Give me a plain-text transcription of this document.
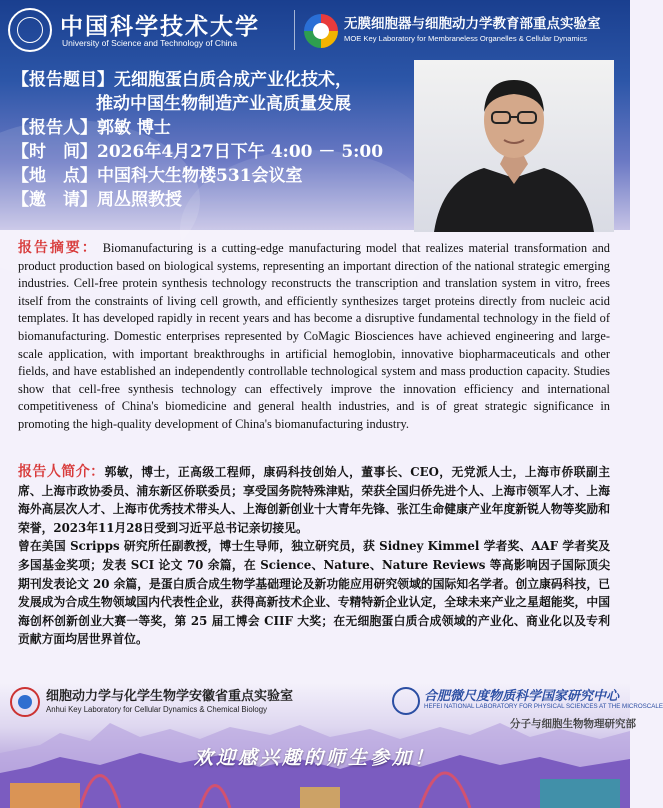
中国科学技术大学
University of Science and Technology of China
无膜细胞器与细胞动力学教育部重点实验室
MOE Key Laboratory for Membraneless Organelles & Cellular Dynamics
【报告题目】无细胞蛋白质合成产业化技术，
推动中国生物制造产业高质量发展
【报告人】郭敏 博士
【时　间】2026年4月27日下午 4:00 － 5:00
【地　点】中国科大生物楼531会议室
【邀　请】周丛照教授
报告摘要： Biomanufacturing is a cutting-edge manufacturing model that realizes material transformation and product production based on biological systems, representing an important direction of the national strategic emerging industries. Cell-free protein synthesis technology reconstructs the transcription and translation system in vitro, frees itself from the constraints of living cell growth, and efficiently synthesizes target proteins directly from nucleic acid templates. It has developed rapidly in recent years and has become a disruptive fundamental technology in the field of biomanufacturing. Domestic enterprises represented by CoMagic Biosciences have achieved engineering and large-scale application, with important breakthroughs in artificial hemoglobin, innovative biopharmaceuticals and other fields, and have established an independently controllable technological system and mass production capacity. Studies show that cell-free synthesis technology can effectively improve the innovation efficiency and international competitiveness of China's biomedicine and general health industries, and is of great strategic significance in promoting the high-quality development of China's biomanufacturing industry.

报告人简介：郭敏，博士，正高级工程师，康码科技创始人，董事长、CEO，无党派人士，上海市侨联副主席、上海市政协委员、浦东新区侨联委员；享受国务院特殊津贴，荣获全国归侨先进个人、上海市领军人才、上海海外高层次人才、上海市优秀技术带头人、上海创新创业十大青年先锋、张江生命健康产业年度新锐人物等奖励和荣誉，2023年11月28日受到习近平总书记亲切接见。

曾在美国 Scripps 研究所任副教授，博士生导师，独立研究员，获 Sidney Kimmel 学者奖、AAF 学者奖及多国基金奖项；发表 SCI 论文 70 余篇，在 Science、Nature、Nature Reviews 等高影响因子国际顶尖期刊发表论文 20 余篇，是蛋白质合成生物学基础理论及新功能应用研究领域的国际知名学者。创立康码科技，已发展成为合成生物领域国内代表性企业，获得高新技术企业、专精特新企业认定，全球未来产业之星超能奖，中国海创杯创新创业大赛一等奖，第 25 届工博会 CIIF 大奖；在无细胞蛋白质合成领域的产业化、商业化以及专利贡献方面均居世界首位。

细胞动力学与化学生物学安徽省重点实验室
Anhui Key Laboratory for Cellular Dynamics & Chemical Biology
合肥微尺度物质科学国家研究中心
HEFEI NATIONAL LABORATORY FOR PHYSICAL SCIENCES AT THE MICROSCALE
分子与细胞生物物理研究部
欢迎感兴趣的师生参加！
